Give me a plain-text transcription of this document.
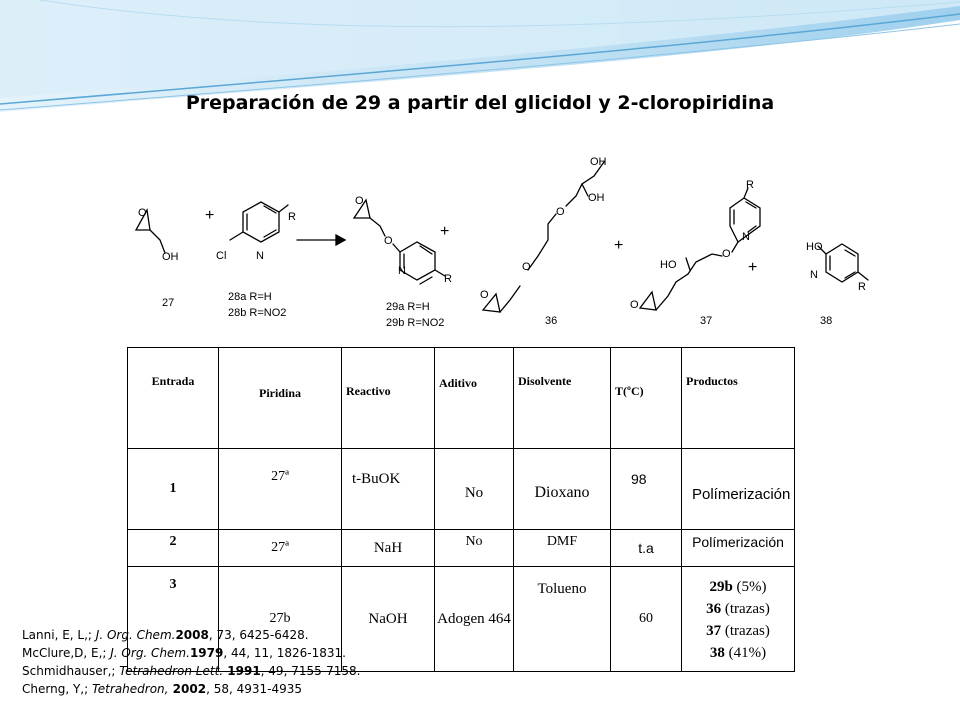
Preparación de 29 a partir del glicidol y 2-cloropiridina
O
OH
+
Cl	N
R
O
O
N
R
+
O
O
O
OH
OH
+
O
HO
O
N
R
+
HO
N
R
27	28a R=H
28b R=NO2	29a R=H
29b R=NO2	36	37	38
Entrada	Piridina	Reactivo	Aditivo	Disolvente	T(ºC)	Productos
1	27ª	t-BuOK	No	Dioxano	98	Polímerización
2	27ª	NaH	No	DMF	t.a	Polímerización
3	27b	NaOH	Adogen 464	Tolueno	60	29b (5%)
36 (trazas)
37 (trazas)
38 (41%)
Lanni, E, L,; J. Org. Chem.2008, 73, 6425-6428.
McClure,D, E,; J. Org. Chem.1979, 44, 11, 1826-1831.
Schmidhauser,; Tetrahedron Lett. 1991, 49, 7155-7158.
Cherng, Y,; Tetrahedron, 2002, 58, 4931-4935
